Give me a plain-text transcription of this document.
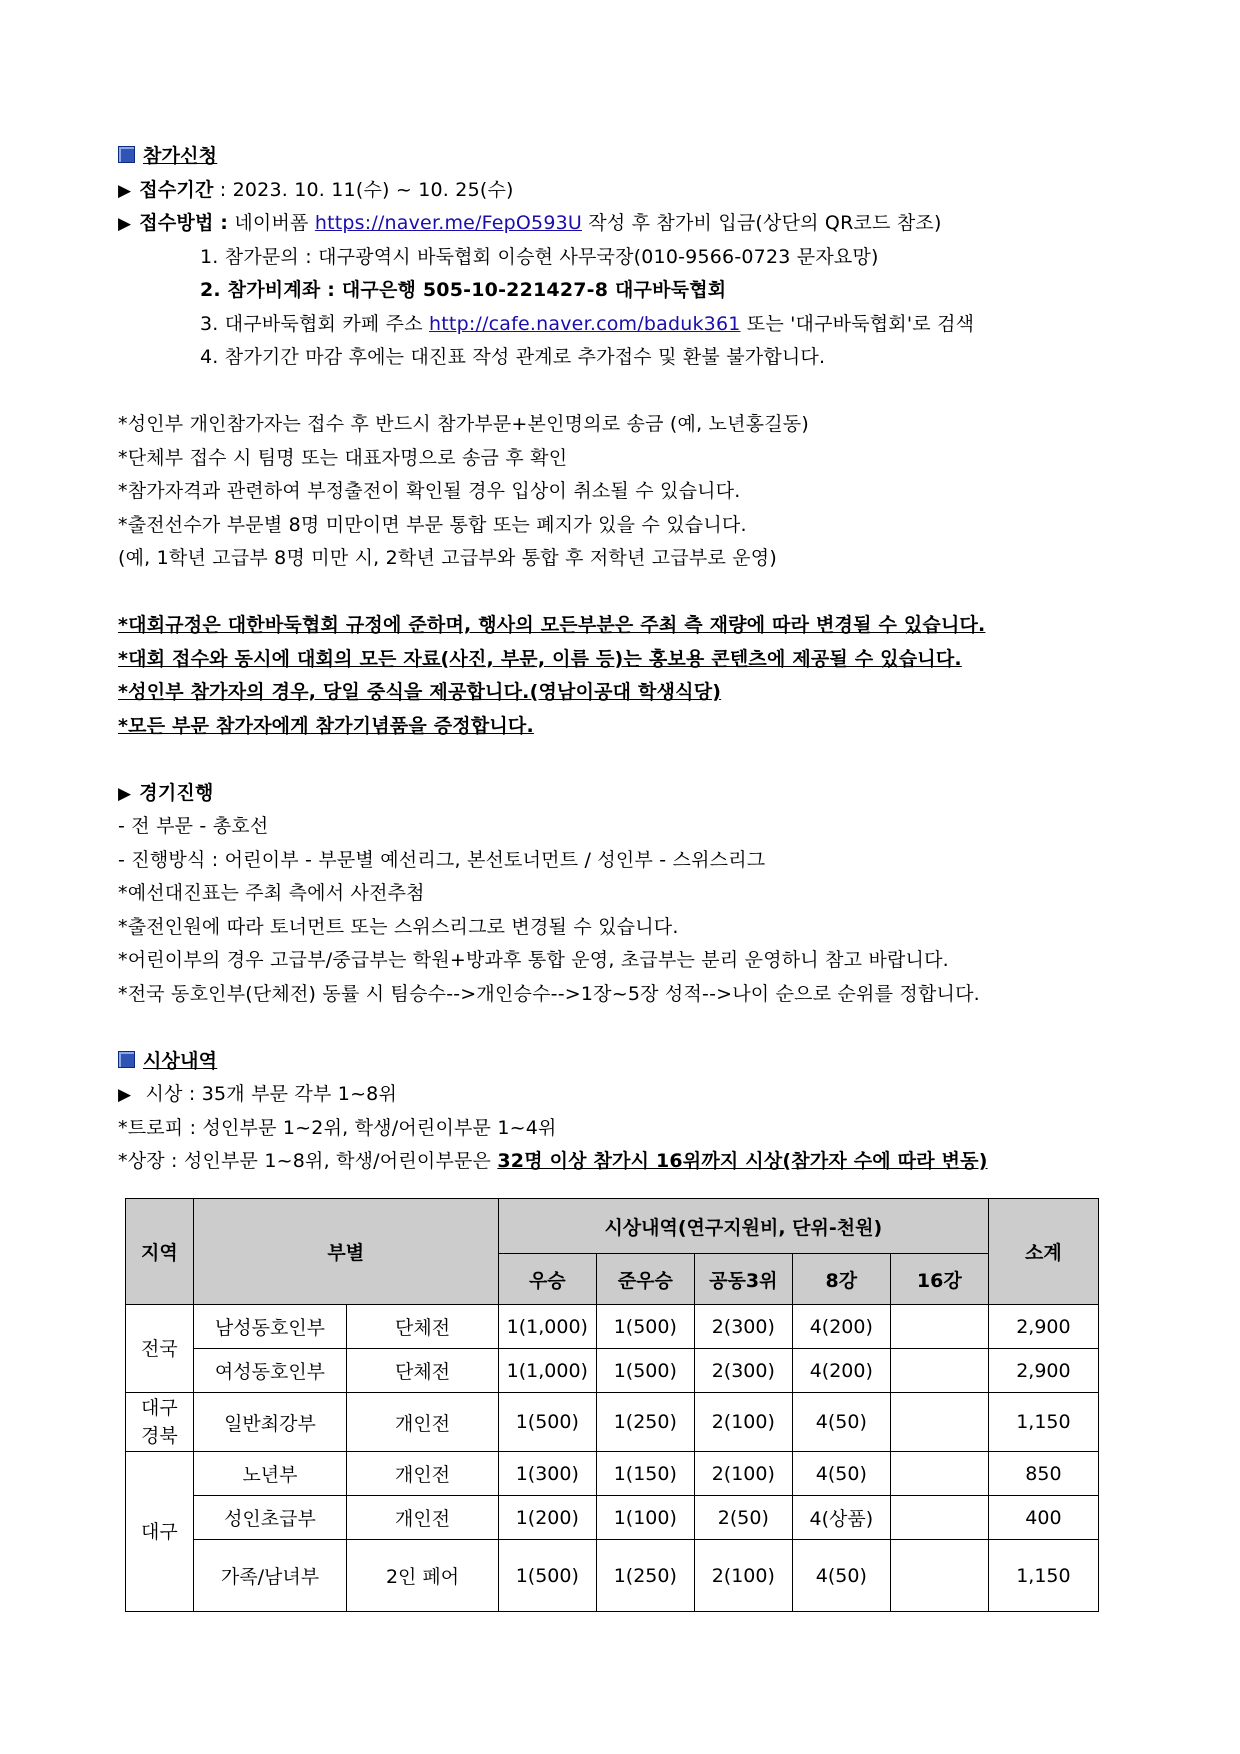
참가신청
▶ 접수기간 : 2023. 10. 11(수) ~ 10. 25(수)
▶ 접수방법 : 네이버폼 https://naver.me/FepO593U 작성 후 참가비 입금(상단의 QR코드 참조)
1. 참가문의 : 대구광역시 바둑협회 이승현 사무국장(010-9566-0723 문자요망)
2. 참가비계좌 : 대구은행 505-10-221427-8 대구바둑협회
3. 대구바둑협회 카페 주소 http://cafe.naver.com/baduk361 또는 '대구바둑협회'로 검색
4. 참가기간 마감 후에는 대진표 작성 관계로 추가접수 및 환불 불가합니다.
*성인부 개인참가자는 접수 후 반드시 참가부문+본인명의로 송금 (예, 노년홍길동)
*단체부 접수 시 팀명 또는 대표자명으로 송금 후 확인
*참가자격과 관련하여 부정출전이 확인될 경우 입상이 취소될 수 있습니다.
*출전선수가 부문별 8명 미만이면 부문 통합 또는 폐지가 있을 수 있습니다.
(예, 1학년 고급부 8명 미만 시, 2학년 고급부와 통합 후 저학년 고급부로 운영)
*대회규정은 대한바둑협회 규정에 준하며, 행사의 모든부분은 주최 측 재량에 따라 변경될 수 있습니다.
*대회 접수와 동시에 대회의 모든 자료(사진, 부문, 이름 등)는 홍보용 콘텐츠에 제공될 수 있습니다.
*성인부 참가자의 경우, 당일 중식을 제공합니다.(영남이공대 학생식당)
*모든 부문 참가자에게 참가기념품을 증정합니다.
▶ 경기진행
- 전 부문 - 총호선
- 진행방식 : 어린이부 - 부문별 예선리그, 본선토너먼트 / 성인부 - 스위스리그
*예선대진표는 주최 측에서 사전추첨
*출전인원에 따라 토너먼트 또는 스위스리그로 변경될 수 있습니다.
*어린이부의 경우 고급부/중급부는 학원+방과후 통합 운영, 초급부는 분리 운영하니 참고 바랍니다.
*전국 동호인부(단체전) 동률 시 팀승수-->개인승수-->1장~5장 성적-->나이 순으로 순위를 정합니다.
시상내역
▶ 시상 : 35개 부문 각부 1~8위
*트로피 : 성인부문 1~2위, 학생/어린이부문 1~4위
*상장 : 성인부문 1~8위, 학생/어린이부문은 32명 이상 참가시 16위까지 시상(참가자 수에 따라 변동)
지역	부별		시상내역(연구지원비, 단위-천원)					소계
			우승	준우승	공동3위	8강	16강	
전국	남성동호인부	단체전	1(1,000)	1(500)	2(300)	4(200)		2,900
	여성동호인부	단체전	1(1,000)	1(500)	2(300)	4(200)		2,900
대구
경북	일반최강부	개인전	1(500)	1(250)	2(100)	4(50)		1,150
대구	노년부	개인전	1(300)	1(150)	2(100)	4(50)		850
	성인초급부	개인전	1(200)	1(100)	2(50)	4(상품)		400
	가족/남녀부	2인 페어	1(500)	1(250)	2(100)	4(50)		1,150
